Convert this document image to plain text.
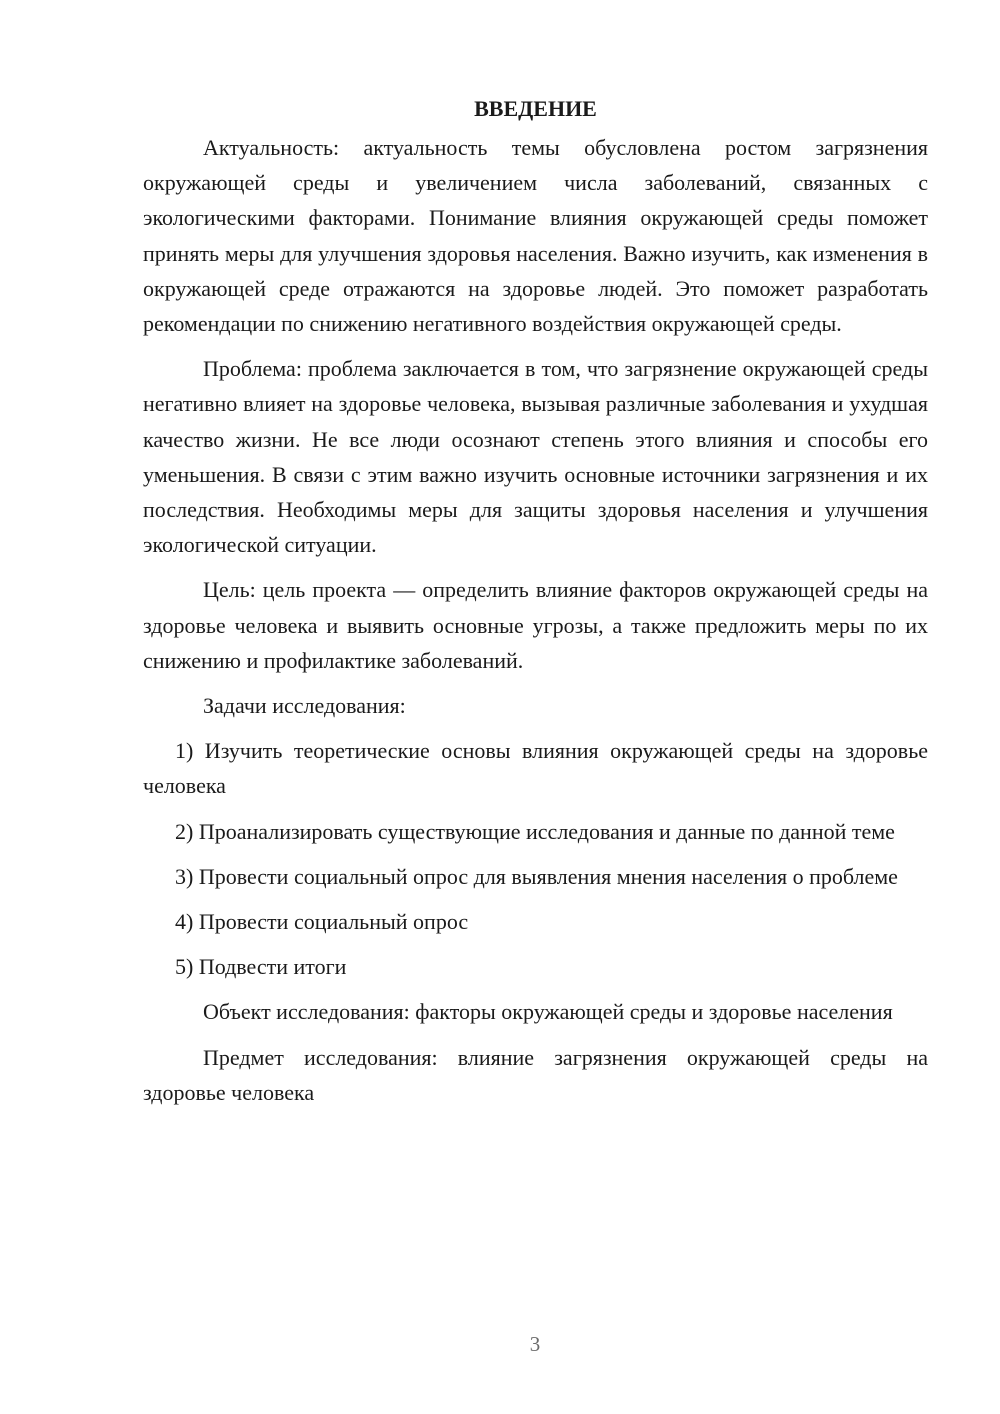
ВВЕДЕНИЕ

Актуальность: актуальность темы обусловлена ростом загрязнения окружающей среды и увеличением числа заболеваний, связанных с экологическими факторами. Понимание влияния окружающей среды поможет принять меры для улучшения здоровья населения. Важно изучить, как изменения в окружающей среде отражаются на здоровье людей. Это поможет разработать рекомендации по снижению негативного воздействия окружающей среды.

Проблема: проблема заключается в том, что загрязнение окружающей среды негативно влияет на здоровье человека, вызывая различные заболевания и ухудшая качество жизни. Не все люди осознают степень этого влияния и способы его уменьшения. В связи с этим важно изучить основные источники загрязнения и их последствия. Необходимы меры для защиты здоровья населения и улучшения экологической ситуации.

Цель: цель проекта — определить влияние факторов окружающей среды на здоровье человека и выявить основные угрозы, а также предложить меры по их снижению и профилактике заболеваний.

Задачи исследования:

1) Изучить теоретические основы влияния окружающей среды на здоровье человека

2) Проанализировать существующие исследования и данные по данной теме

3) Провести социальный опрос для выявления мнения населения о проблеме

4) Провести социальный опрос

5) Подвести итоги

Объект исследования: факторы окружающей среды и здоровье населения

Предмет исследования: влияние загрязнения окружающей среды на здоровье человека

3
